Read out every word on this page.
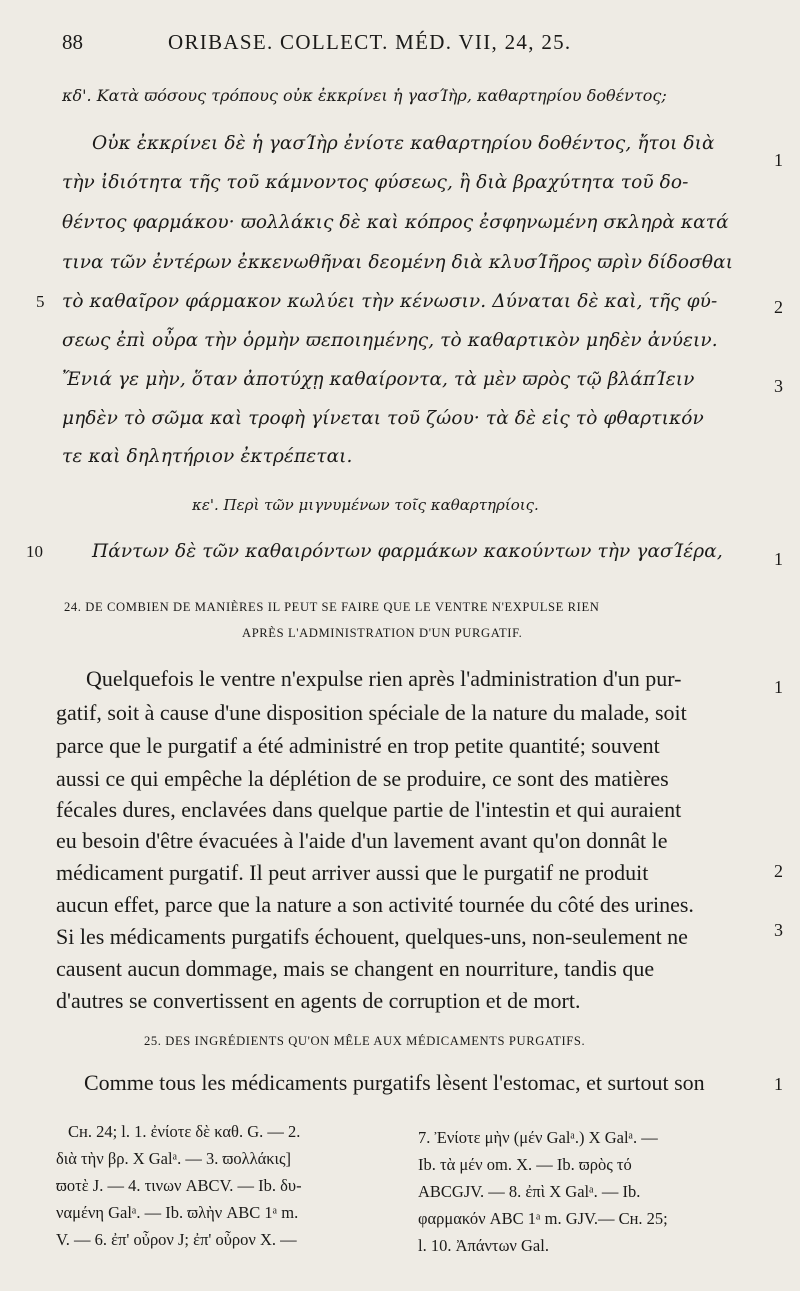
88	ORIBASE. COLLECT. MÉD. VII, 24, 25.
κδ'. Κατὰ ϖόσους τρόπους οὐκ ἐκκρίνει ἡ γασΊὴρ, καθαρτηρίου δοθέντος;
Οὐκ ἐκκρίνει δὲ ἡ γασΊὴρ ἐνίοτε καθαρτηρίου δοθέντος, ἤτοι διὰ
τὴν ἰδιότητα τῆς τοῦ κάμνοντος φύσεως, ἢ διὰ βραχύτητα τοῦ δο-
θέντος φαρμάκου· ϖολλάκις δὲ καὶ κόπρος ἐσφηνωμένη σκληρὰ κατά
τινα τῶν ἐντέρων ἐκκενωθῆναι δεομένη διὰ κλυσΊῆρος ϖρὶν δίδοσθαι
τὸ καθαῖρον φάρμακον κωλύει τὴν κένωσιν. Δύναται δὲ καὶ, τῆς φύ-
σεως ἐπὶ οὖρα τὴν ὁρμὴν ϖεποιημένης, τὸ καθαρτικὸν μηδὲν ἀνύειν.
Ἔνιά γε μὴν, ὅταν ἀποτύχῃ καθαίροντα, τὰ μὲν ϖρὸς τῷ βλάπΊειν
μηδὲν τὸ σῶμα καὶ τροφὴ γίνεται τοῦ ζώου· τὰ δὲ εἰς τὸ φθαρτικόν
τε καὶ δηλητήριον ἐκτρέπεται.
κε'. Περὶ τῶν μιγνυμένων τοῖς καθαρτηρίοις.
Πάντων δὲ τῶν καθαιρόντων φαρμάκων κακούντων τὴν γασΊέρα,
24. DE COMBIEN DE MANIÈRES IL PEUT SE FAIRE QUE LE VENTRE N'EXPULSE RIEN
APRÈS L'ADMINISTRATION D'UN PURGATIF.
Quelquefois le ventre n'expulse rien après l'administration d'un pur-
gatif, soit à cause d'une disposition spéciale de la nature du malade, soit
parce que le purgatif a été administré en trop petite quantité; souvent
aussi ce qui empêche la déplétion de se produire, ce sont des matières
fécales dures, enclavées dans quelque partie de l'intestin et qui auraient
eu besoin d'être évacuées à l'aide d'un lavement avant qu'on donnât le
médicament purgatif. Il peut arriver aussi que le purgatif ne produit
aucun effet, parce que la nature a son activité tournée du côté des urines.
Si les médicaments purgatifs échouent, quelques-uns, non-seulement ne
causent aucun dommage, mais se changent en nourriture, tandis que
d'autres se convertissent en agents de corruption et de mort.
25. DES INGRÉDIENTS QU'ON MÊLE AUX MÉDICAMENTS PURGATIFS.
Comme tous les médicaments purgatifs lèsent l'estomac, et surtout son
5
10
1
2
3
1
1
2
3
1
Cʜ. 24; l. 1. ἐνίοτε δὲ καθ. G. — 2.
διὰ τὴν βρ. X Galᵃ. — 3. ϖολλάκις]
ϖοτὲ J. — 4. τινων ABCV. — Ib. δυ-
ναμένη Galᵃ. — Ib. ϖλὴν ABC 1ᵃ m.
V. — 6. ἐπ' οὖρον J; ἐπ' οὖρον X. —
7. Ἐνίοτε μὴν (μέν Galᵃ.) X Galᵃ. —
Ib. τὰ μέν om. X. — Ib. ϖρὸς τό
ABCGJV. — 8. ἐπὶ X Galᵃ. — Ib.
φαρμακόν ABC 1ᵃ m. GJV.— Cʜ. 25;
l. 10. Ἀπάντων Gal.
